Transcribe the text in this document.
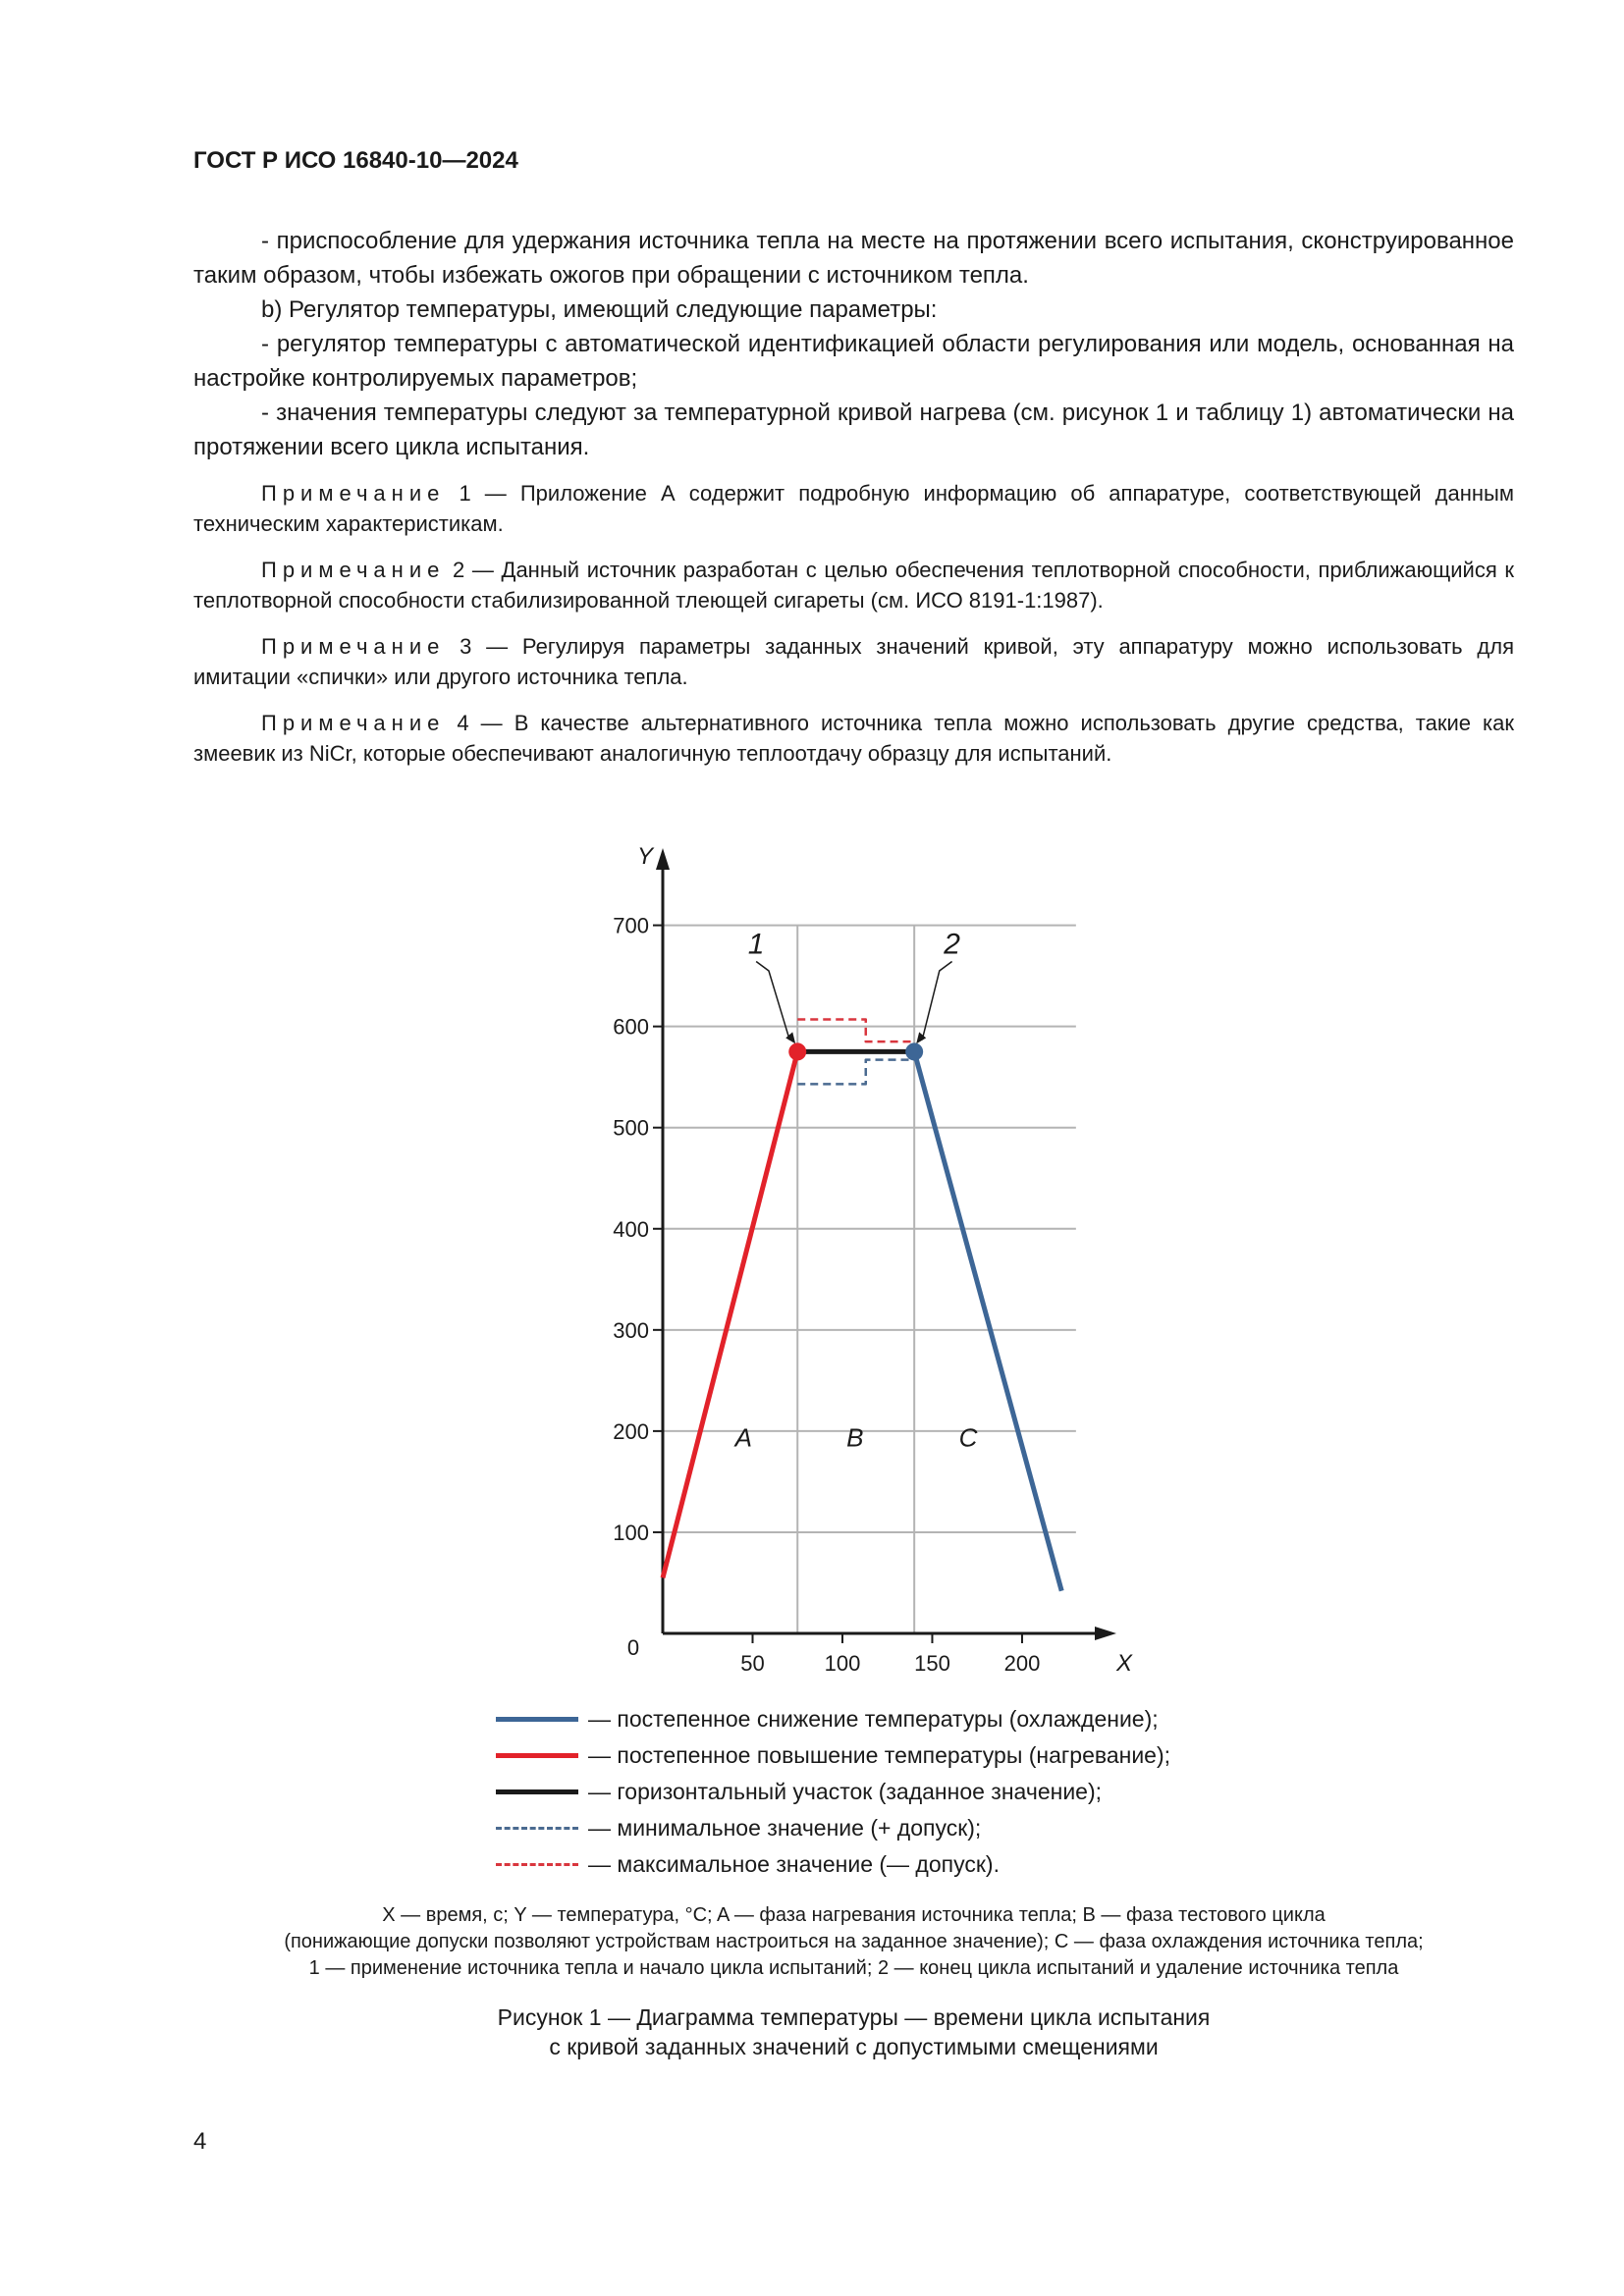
ГОСТ Р ИСО 16840-10—2024

- приспособление для удержания источника тепла на месте на протяжении всего испытания, сконструированное таким образом, чтобы избежать ожогов при обращении с источником тепла.

b) Регулятор температуры, имеющий следующие параметры:

- регулятор температуры с автоматической идентификацией области регулирования или модель, основанная на настройке контролируемых параметров;

- значения температуры следуют за температурной кривой нагрева (см. рисунок 1 и таблицу 1) автоматически на протяжении всего цикла испытания.

Примечание 1 — Приложение А содержит подробную информацию об аппаратуре, соответствующей данным техническим характеристикам.

Примечание 2 — Данный источник разработан с целью обеспечения теплотворной способности, приближающийся к теплотворной способности стабилизированной тлеющей сигареты (см. ИСО 8191-1:1987).

Примечание 3 — Регулируя параметры заданных значений кривой, эту аппаратуру можно использовать для имитации «спички» или другого источника тепла.

Примечание 4 — В качестве альтернативного источника тепла можно использовать другие средства, такие как змеевик из NiCr, которые обеспечивают аналогичную теплоотдачу образцу для испытаний.

100
200
300
400
500
600
700
50	100 150 200
0
Y
X
A	B	C
1	2
— постепенное снижение температуры (охлаждение);
— постепенное повышение температуры (нагревание);
— горизонтальный участок (заданное значение);
— минимальное значение (+ допуск);
— максимальное значение (— допуск).

X — время, с; Y — температура, °C; A — фаза нагревания источника тепла; B — фаза тестового цикла

(понижающие допуски позволяют устройствам настроиться на заданное значение); C — фаза охлаждения источника тепла;

1 — применение источника тепла и начало цикла испытаний; 2 — конец цикла испытаний и удаление источника тепла

Рисунок 1 — Диаграмма температуры — времени цикла испытания

с кривой заданных значений с допустимыми смещениями

4
